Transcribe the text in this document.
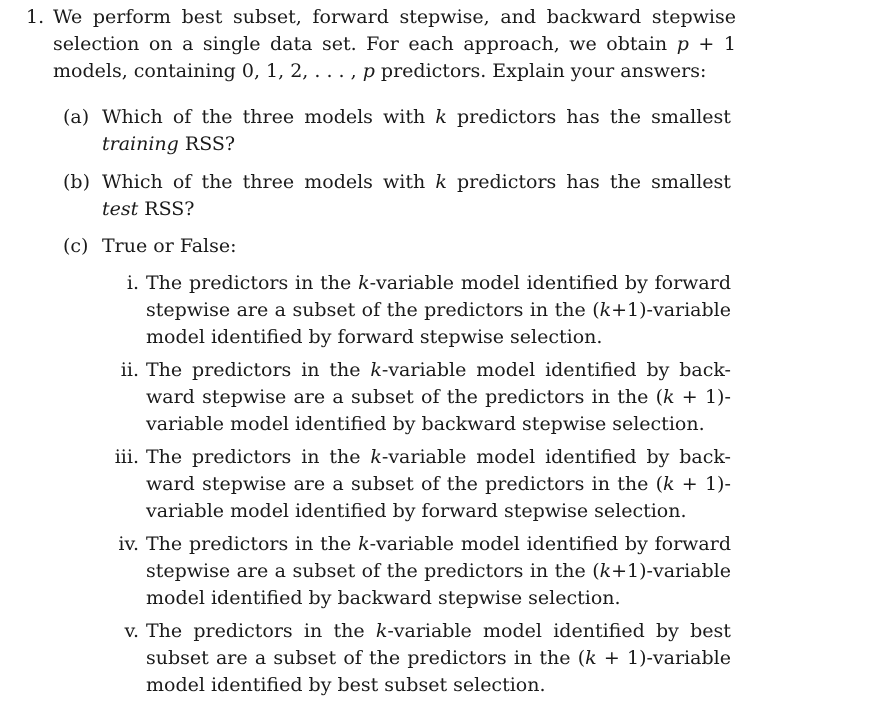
1. We perform best subset, forward stepwise, and backward stepwise
selection on a single data set. For each approach, we obtain p + 1
models, containing 0, 1, 2, . . . , p predictors. Explain your answers:
(a) Which of the three models with k predictors has the smallest
training RSS?
(b) Which of the three models with k predictors has the smallest
test RSS?
(c) True or False:
i. The predictors in the k-variable model identified by forward
stepwise are a subset of the predictors in the (k+1)-variable
model identified by forward stepwise selection.
ii. The predictors in the k-variable model identified by back-
ward stepwise are a subset of the predictors in the (k + 1)-
variable model identified by backward stepwise selection.
iii. The predictors in the k-variable model identified by back-
ward stepwise are a subset of the predictors in the (k + 1)-
variable model identified by forward stepwise selection.
iv. The predictors in the k-variable model identified by forward
stepwise are a subset of the predictors in the (k+1)-variable
model identified by backward stepwise selection.
v. The predictors in the k-variable model identified by best
subset are a subset of the predictors in the (k + 1)-variable
model identified by best subset selection.
